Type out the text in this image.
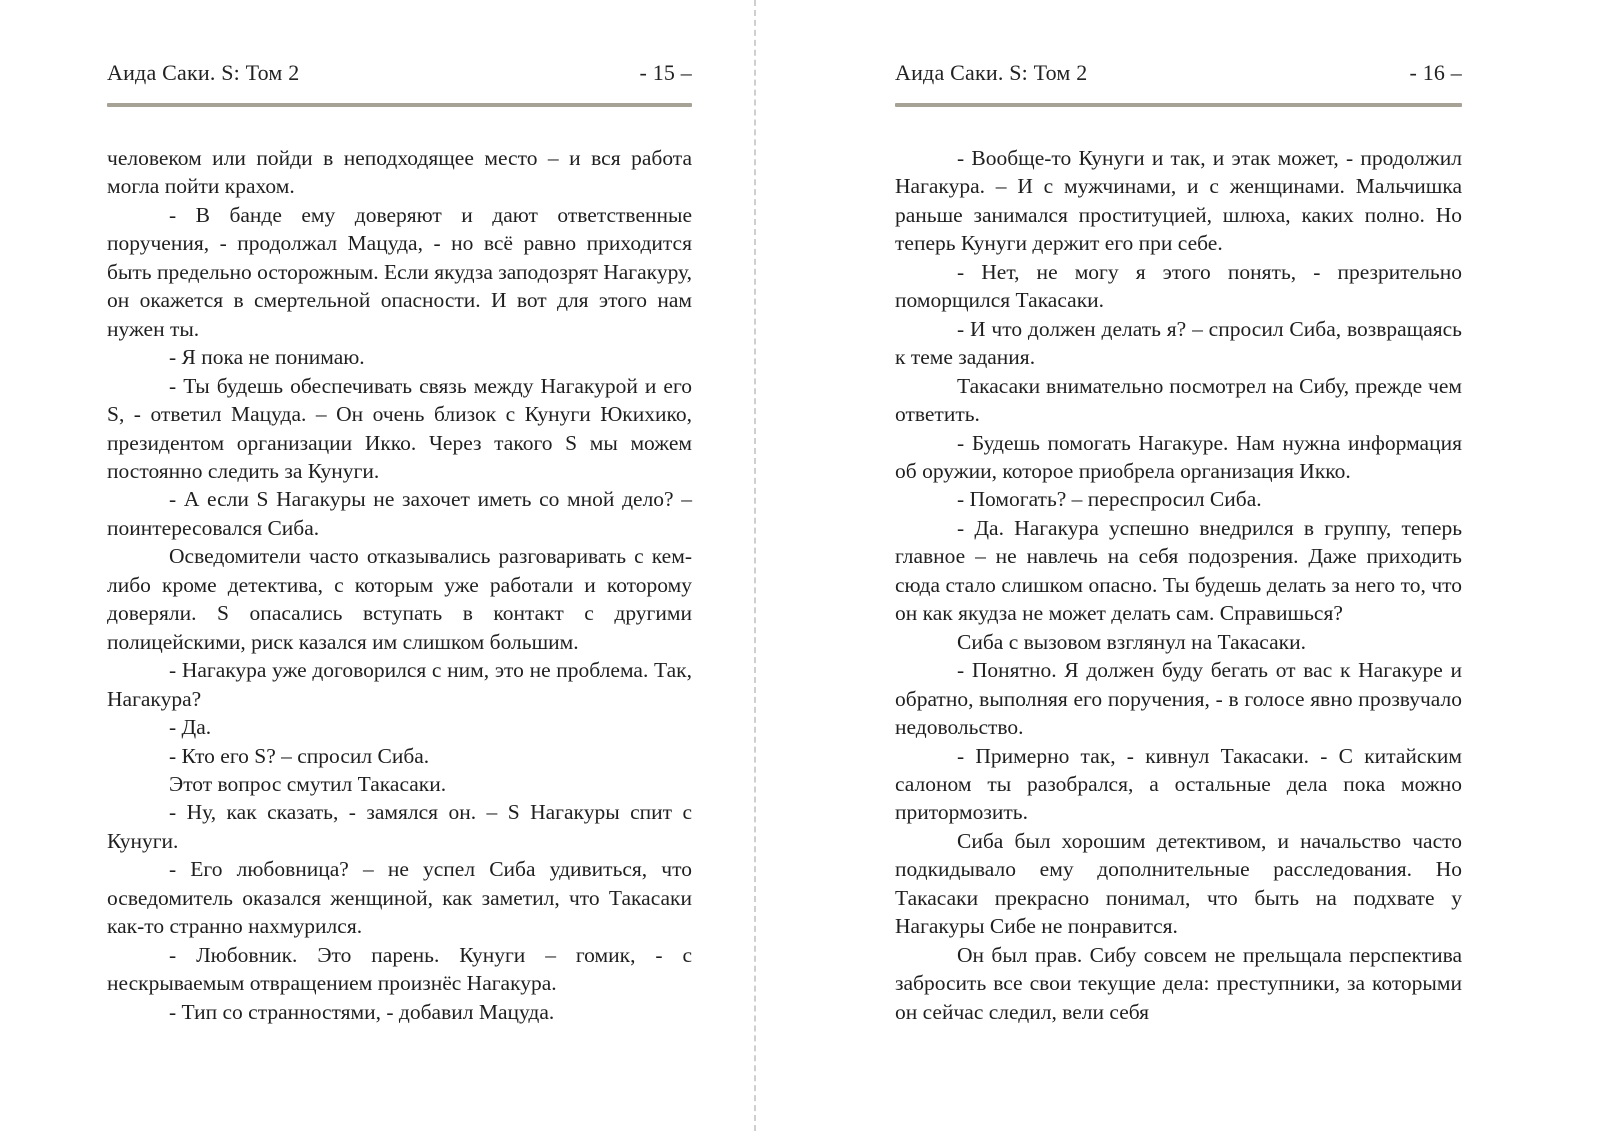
Аида Саки. S: Том 2	- 15 –

человеком или пойди в неподходящее место – и вся работа могла пойти крахом.

- В банде ему доверяют и дают ответственные поручения, - продолжал Мацуда, - но всё равно приходится быть предельно осторожным. Если якудза заподозрят Нагакуру, он окажется в смертельной опасности. И вот для этого нам нужен ты.

- Я пока не понимаю.

- Ты будешь обеспечивать связь между Нагакурой и его S, - ответил Мацуда. – Он очень близок с Кунуги Юкихико, президентом организации Икко. Через такого S мы можем постоянно следить за Кунуги.

- А если S Нагакуры не захочет иметь со мной дело? – поинтересовался Сиба.

Осведомители часто отказывались разговаривать с кем-либо кроме детектива, с которым уже работали и которому доверяли. S опасались вступать в контакт с другими полицейскими, риск казался им слишком большим.

- Нагакура уже договорился с ним, это не проблема. Так, Нагакура?

- Да.

- Кто его S? – спросил Сиба.

Этот вопрос смутил Такасаки.

- Ну, как сказать, - замялся он. – S Нагакуры спит с Кунуги.

- Его любовница? – не успел Сиба удивиться, что осведомитель оказался женщиной, как заметил, что Такасаки как-то странно нахмурился.

- Любовник. Это парень. Кунуги – гомик, - с нескрываемым отвращением произнёс Нагакура.

- Тип со странностями, - добавил Мацуда.

Аида Саки. S: Том 2	- 16 –

- Вообще-то Кунуги и так, и этак может, - продолжил Нагакура. – И с мужчинами, и с женщинами. Мальчишка раньше занимался проституцией, шлюха, каких полно. Но теперь Кунуги держит его при себе.

- Нет, не могу я этого понять, - презрительно поморщился Такасаки.

- И что должен делать я? – спросил Сиба, возвращаясь к теме задания.

Такасаки внимательно посмотрел на Сибу, прежде чем ответить.

- Будешь помогать Нагакуре. Нам нужна информация об оружии, которое приобрела организация Икко.

- Помогать? – переспросил Сиба.

- Да. Нагакура успешно внедрился в группу, теперь главное – не навлечь на себя подозрения. Даже приходить сюда стало слишком опасно. Ты будешь делать за него то, что он как якудза не может делать сам. Справишься?

Сиба с вызовом взглянул на Такасаки.

- Понятно. Я должен буду бегать от вас к Нагакуре и обратно, выполняя его поручения, - в голосе явно прозвучало недовольство.

- Примерно так, - кивнул Такасаки. - С китайским салоном ты разобрался, а остальные дела пока можно притормозить.

Сиба был хорошим детективом, и начальство часто подкидывало ему дополнительные расследования. Но Такасаки прекрасно понимал, что быть на подхвате у Нагакуры Сибе не понравится.

Он был прав. Сибу совсем не прельщала перспектива забросить все свои текущие дела: преступники, за которыми он сейчас следил, вели себя
